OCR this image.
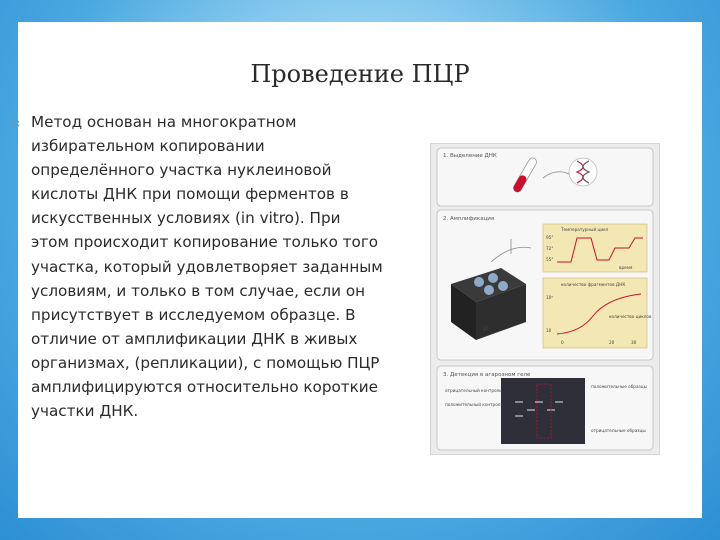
Проведение ПЦР
✱ Метод основан на многократном избирательном копировании определённого участка нуклеиновой кислоты ДНК при помощи ферментов в искусственных условиях (in vitro). При этом происходит копирование только того участка, который удовлетворяет заданным условиям, и только в том случае, если он присутствует в исследуемом образце. В отличие от амплификации ДНК в живых организмах, (репликации), с помощью ПЦР амплифицируются относительно короткие участки ДНК.
1. Выделение ДНК
2. Амплификация
ДТ
Температурный цикл
95°
72°
55°
время
количество фрагментов ДНК
10⁹
10
количество циклов
0	20	30
3. Детекция в агарозном геле
отрицательный контроль
положительный контроль
положительные образцы
отрицательные образцы
